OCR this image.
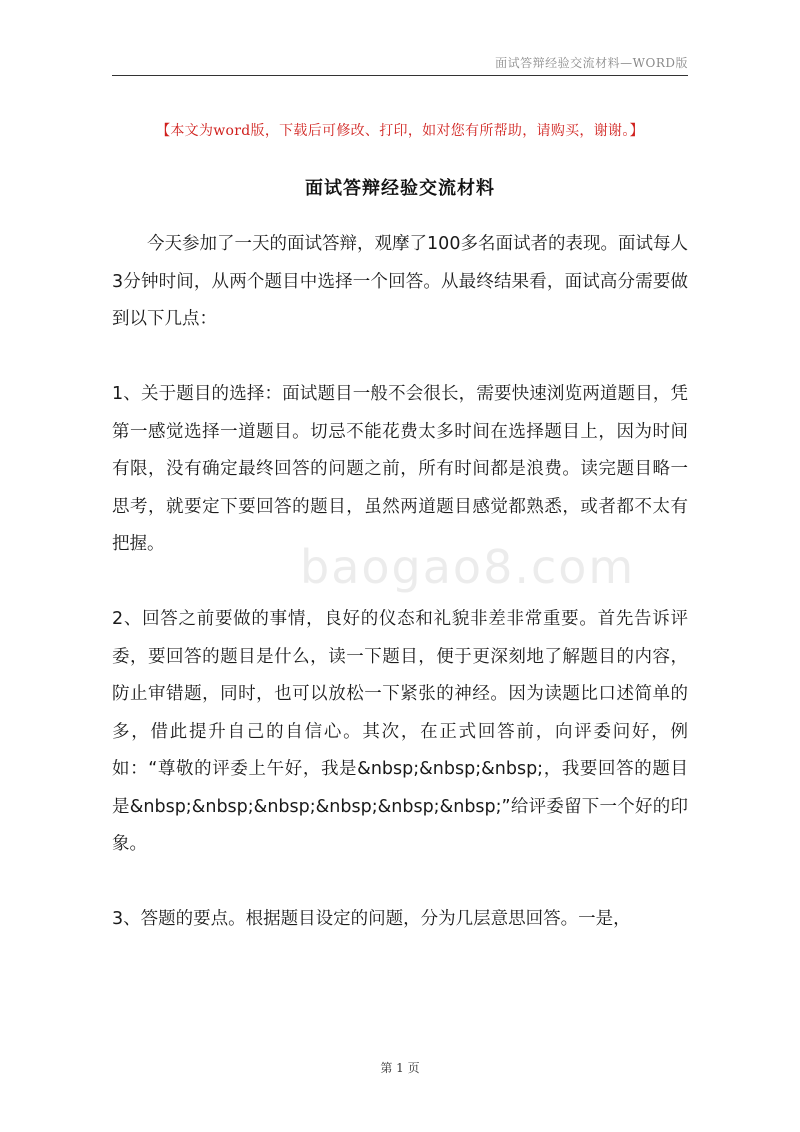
面试答辩经验交流材料—WORD版
【本文为word版，下载后可修改、打印，如对您有所帮助，请购买，谢谢。】
面试答辩经验交流材料
baogao8.com

今天参加了一天的面试答辩，观摩了100多名面试者的表现。面试每人3分钟时间，从两个题目中选择一个回答。从最终结果看，面试高分需要做到以下几点：

1、关于题目的选择：面试题目一般不会很长，需要快速浏览两道题目，凭第一感觉选择一道题目。切忌不能花费太多时间在选择题目上，因为时间有限，没有确定最终回答的问题之前，所有时间都是浪费。读完题目略一思考，就要定下要回答的题目，虽然两道题目感觉都熟悉，或者都不太有把握。

2、回答之前要做的事情，良好的仪态和礼貌非差非常重要。首先告诉评委，要回答的题目是什么，读一下题目，便于更深刻地了解题目的内容，防止审错题，同时，也可以放松一下紧张的神经。因为读题比口述简单的多，借此提升自己的自信心。其次，在正式回答前，向评委问好，例如：“尊敬的评委上午好，我是&nbsp;&nbsp;&nbsp;，我要回答的题目是&nbsp;&nbsp;&nbsp;&nbsp;&nbsp;&nbsp;”给评委留下一个好的印象。

3、答题的要点。根据题目设定的问题，分为几层意思回答。一是，

第 1 页
